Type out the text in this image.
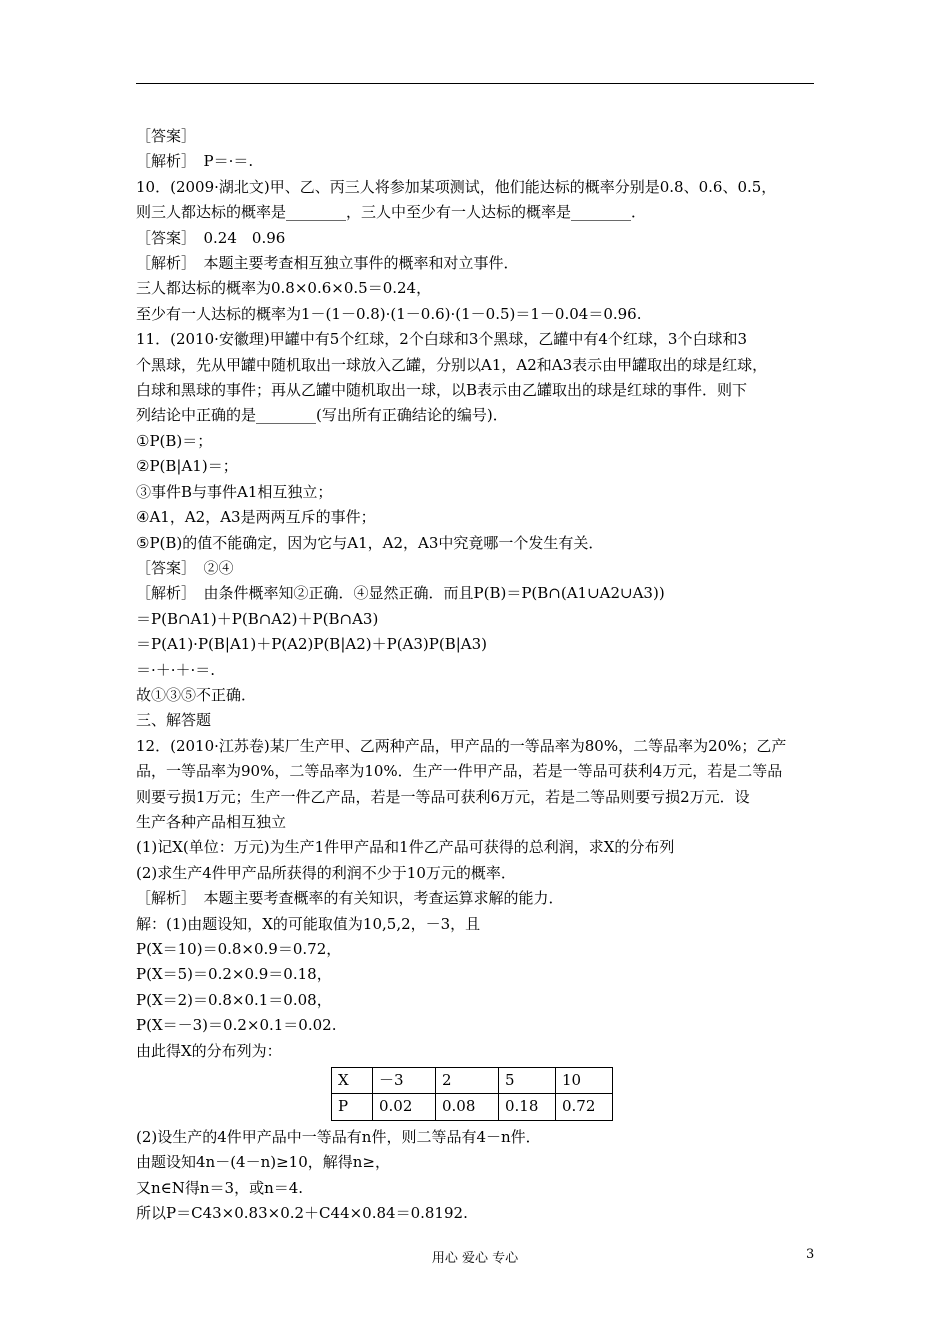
［答案］

［解析］　P＝·＝.

10．(2009·湖北文)甲、乙、丙三人将参加某项测试，他们能达标的概率分别是0.8、0.6、0.5，

则三人都达标的概率是________，三人中至少有一人达标的概率是________．

［答案］　0.24　0.96

［解析］　本题主要考查相互独立事件的概率和对立事件．

三人都达标的概率为0.8×0.6×0.5＝0.24，

至少有一人达标的概率为1－(1－0.8)·(1－0.6)·(1－0.5)＝1－0.04＝0.96.

11．(2010·安徽理)甲罐中有5个红球，2个白球和3个黑球，乙罐中有4个红球，3个白球和3

个黑球，先从甲罐中随机取出一球放入乙罐，分别以A1，A2和A3表示由甲罐取出的球是红球，

白球和黑球的事件；再从乙罐中随机取出一球，以B表示由乙罐取出的球是红球的事件．则下

列结论中正确的是________(写出所有正确结论的编号)．

①P(B)＝；

②P(B|A1)＝；

③事件B与事件A1相互独立；

④A1，A2，A3是两两互斥的事件；

⑤P(B)的值不能确定，因为它与A1，A2，A3中究竟哪一个发生有关．

［答案］　②④

［解析］　由条件概率知②正确．④显然正确．而且P(B)＝P(B∩(A1∪A2∪A3))

＝P(B∩A1)＋P(B∩A2)＋P(B∩A3)

＝P(A1)·P(B|A1)＋P(A2)P(B|A2)＋P(A3)P(B|A3)

＝·＋·＋·＝.

故①③⑤不正确．

三、解答题

12．(2010·江苏卷)某厂生产甲、乙两种产品，甲产品的一等品率为80%，二等品率为20%；乙产

品，一等品率为90%，二等品率为10%．生产一件甲产品，若是一等品可获利4万元，若是二等品

则要亏损1万元；生产一件乙产品，若是一等品可获利6万元，若是二等品则要亏损2万元．设

生产各种产品相互独立

(1)记X(单位：万元)为生产1件甲产品和1件乙产品可获得的总利润，求X的分布列

(2)求生产4件甲产品所获得的利润不少于10万元的概率．

［解析］　本题主要考查概率的有关知识，考查运算求解的能力．

解：(1)由题设知，X的可能取值为10,5,2，－3，且

P(X＝10)＝0.8×0.9＝0.72，

P(X＝5)＝0.2×0.9＝0.18，

P(X＝2)＝0.8×0.1＝0.08，

P(X＝－3)＝0.2×0.1＝0.02.

由此得X的分布列为：

X	－3	2	5	10
P	0.02	0.08	0.18	0.72

(2)设生产的4件甲产品中一等品有n件，则二等品有4－n件．

由题设知4n－(4－n)≥10，解得n≥，

又n∈N得n＝3，或n＝4.

所以P＝C43×0.83×0.2＋C44×0.84＝0.8192.

用心 爱心 专心	3
